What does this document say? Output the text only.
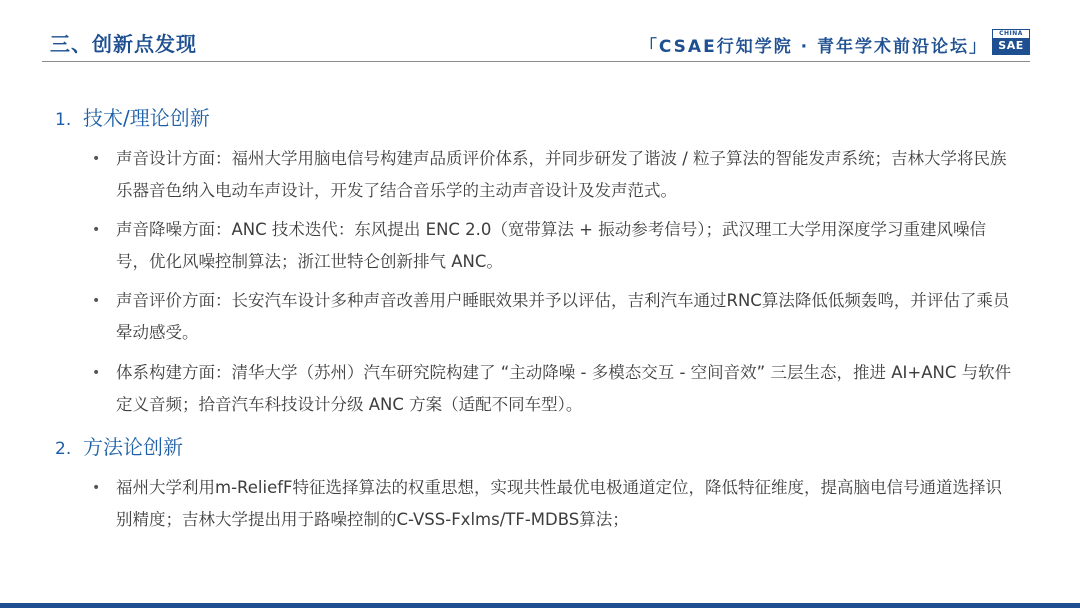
三、创新点发现	「CSAE行知学院 · 青年学术前沿论坛」
CHINA
SAE
1. 技术/理论创新
• 声音设计方面：福州大学用脑电信号构建声品质评价体系，并同步研发了谐波 / 粒子算法的智能发声系统；吉林大学将民族乐器音色纳入电动车声设计，开发了结合音乐学的主动声音设计及发声范式。
• 声音降噪方面：ANC 技术迭代：东风提出 ENC 2.0（宽带算法 + 振动参考信号）；武汉理工大学用深度学习重建风噪信号，优化风噪控制算法；浙江世特仑创新排气 ANC。
• 声音评价方面：长安汽车设计多种声音改善用户睡眠效果并予以评估，吉利汽车通过RNC算法降低低频轰鸣，并评估了乘员晕动感受。
• 体系构建方面：清华大学（苏州）汽车研究院构建了 “主动降噪 - 多模态交互 - 空间音效” 三层生态，推进 AI+ANC 与软件定义音频；拾音汽车科技设计分级 ANC 方案（适配不同车型）。
2. 方法论创新
• 福州大学利用m-ReliefF特征选择算法的权重思想，实现共性最优电极通道定位，降低特征维度，提高脑电信号通道选择识别精度；吉林大学提出用于路噪控制的C-VSS-Fxlms/TF-MDBS算法；
